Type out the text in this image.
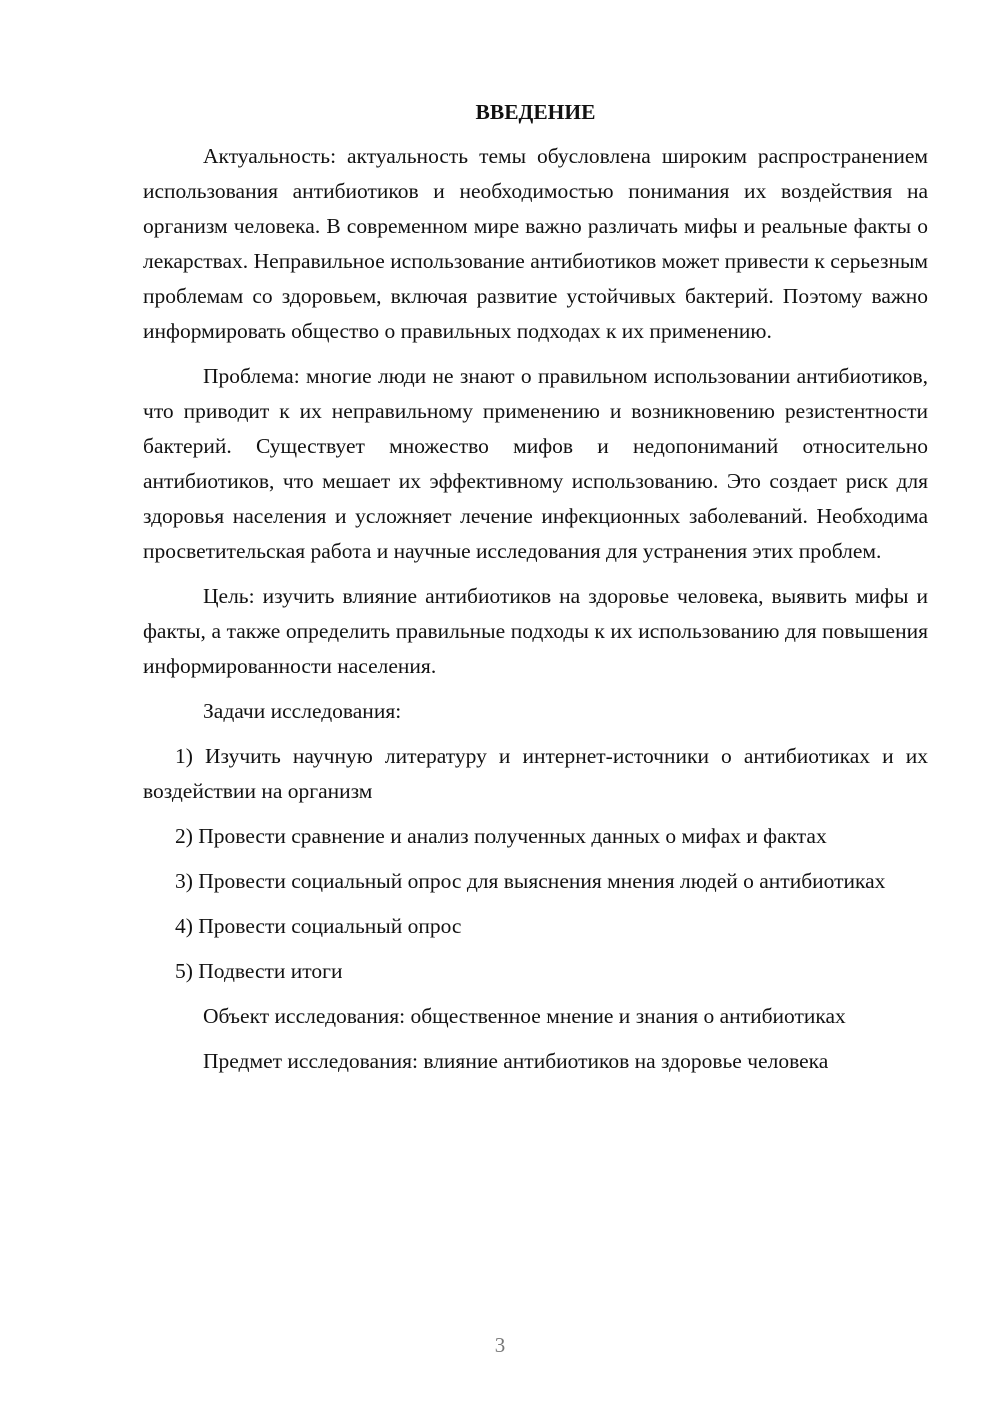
ВВЕДЕНИЕ

Актуальность: актуальность темы обусловлена широким распространением использования антибиотиков и необходимостью понимания их воздействия на организм человека. В современном мире важно различать мифы и реальные факты о лекарствах. Неправильное использование антибиотиков может привести к серьезным проблемам со здоровьем, включая развитие устойчивых бактерий. Поэтому важно информировать общество о правильных подходах к их применению.

Проблема: многие люди не знают о правильном использовании антибиотиков, что приводит к их неправильному применению и возникновению резистентности бактерий. Существует множество мифов и недопониманий относительно антибиотиков, что мешает их эффективному использованию. Это создает риск для здоровья населения и усложняет лечение инфекционных заболеваний. Необходима просветительская работа и научные исследования для устранения этих проблем.

Цель: изучить влияние антибиотиков на здоровье человека, выявить мифы и факты, а также определить правильные подходы к их использованию для повышения информированности населения.

Задачи исследования:

1) Изучить научную литературу и интернет-источники о антибиотиках и их воздействии на организм

2) Провести сравнение и анализ полученных данных о мифах и фактах

3) Провести социальный опрос для выяснения мнения людей о антибиотиках

4) Провести социальный опрос

5) Подвести итоги

Объект исследования: общественное мнение и знания о антибиотиках

Предмет исследования: влияние антибиотиков на здоровье человека

3
